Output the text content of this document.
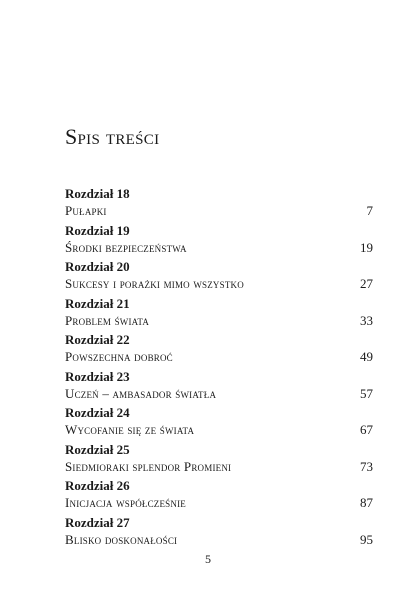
Spis treści
Rozdział 18
Pułapki	7
Rozdział 19
Środki bezpieczeństwa	19
Rozdział 20
Sukcesy i porażki mimo wszystko	27
Rozdział 21
Problem świata	33
Rozdział 22
Powszechna dobroć	49
Rozdział 23
Uczeń – ambasador światła	57
Rozdział 24
Wycofanie się ze świata	67
Rozdział 25
Siedmioraki splendor Promieni	73
Rozdział 26
Inicjacja współcześnie	87
Rozdział 27
Blisko doskonałości	95
5
